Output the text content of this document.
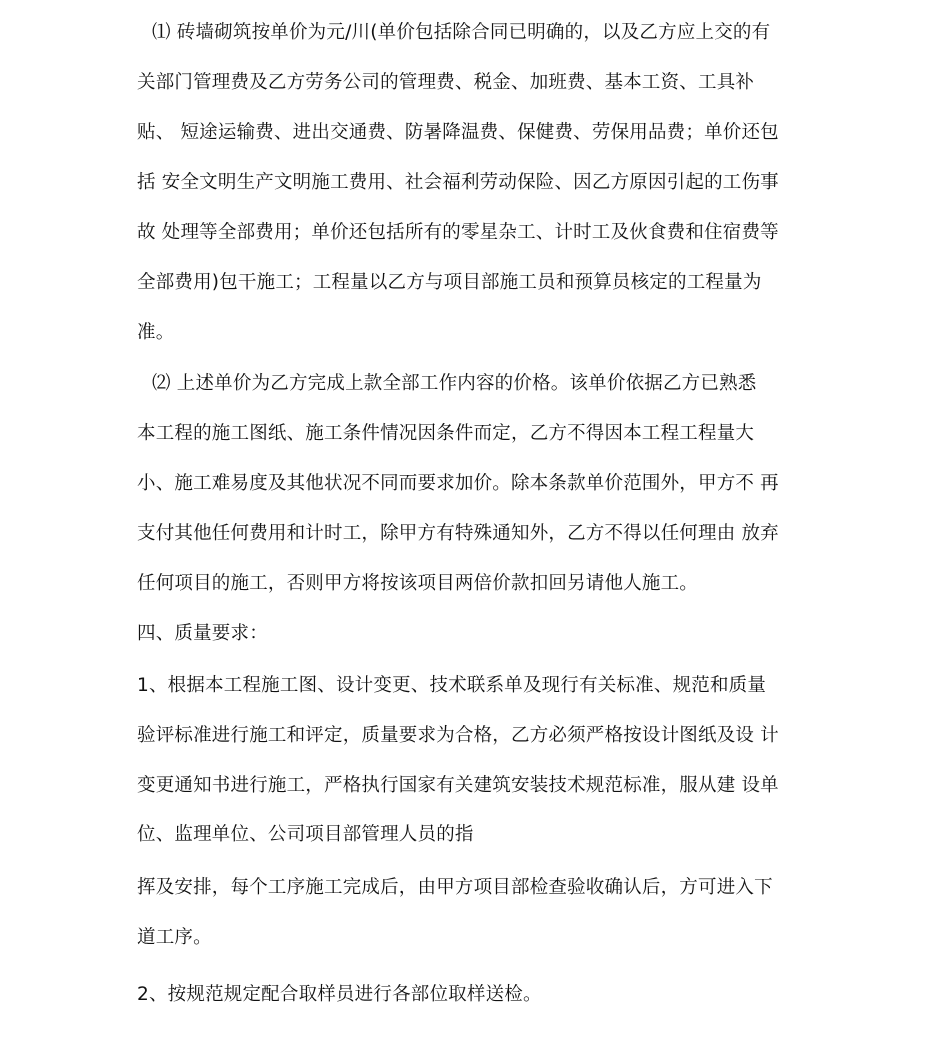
⑴ 砖墙砌筑按单价为元/川(单价包括除合同已明确的，以及乙方应上交的有
关部门管理费及乙方劳务公司的管理费、税金、加班费、基本工资、工具补
贴、 短途运输费、进出交通费、防暑降温费、保健费、劳保用品费；单价还包
括 安全文明生产文明施工费用、社会福利劳动保险、因乙方原因引起的工伤事
故 处理等全部费用；单价还包括所有的零星杂工、计时工及伙食费和住宿费等
全部费用)包干施工；工程量以乙方与项目部施工员和预算员核定的工程量为
准。
⑵ 上述单价为乙方完成上款全部工作内容的价格。该单价依据乙方已熟悉
本工程的施工图纸、施工条件情况因条件而定，乙方不得因本工程工程量大
小、施工难易度及其他状况不同而要求加价。除本条款单价范围外，甲方不 再
支付其他任何费用和计时工，除甲方有特殊通知外，乙方不得以任何理由 放弃
任何项目的施工，否则甲方将按该项目两倍价款扣回另请他人施工。
四、质量要求：
1、根据本工程施工图、设计变更、技术联系单及现行有关标准、规范和质量
验评标准进行施工和评定，质量要求为合格，乙方必须严格按设计图纸及设 计
变更通知书进行施工，严格执行国家有关建筑安装技术规范标准，服从建 设单
位、监理单位、公司项目部管理人员的指
挥及安排，每个工序施工完成后，由甲方项目部检查验收确认后，方可进入下
道工序。
2、按规范规定配合取样员进行各部位取样送检。
